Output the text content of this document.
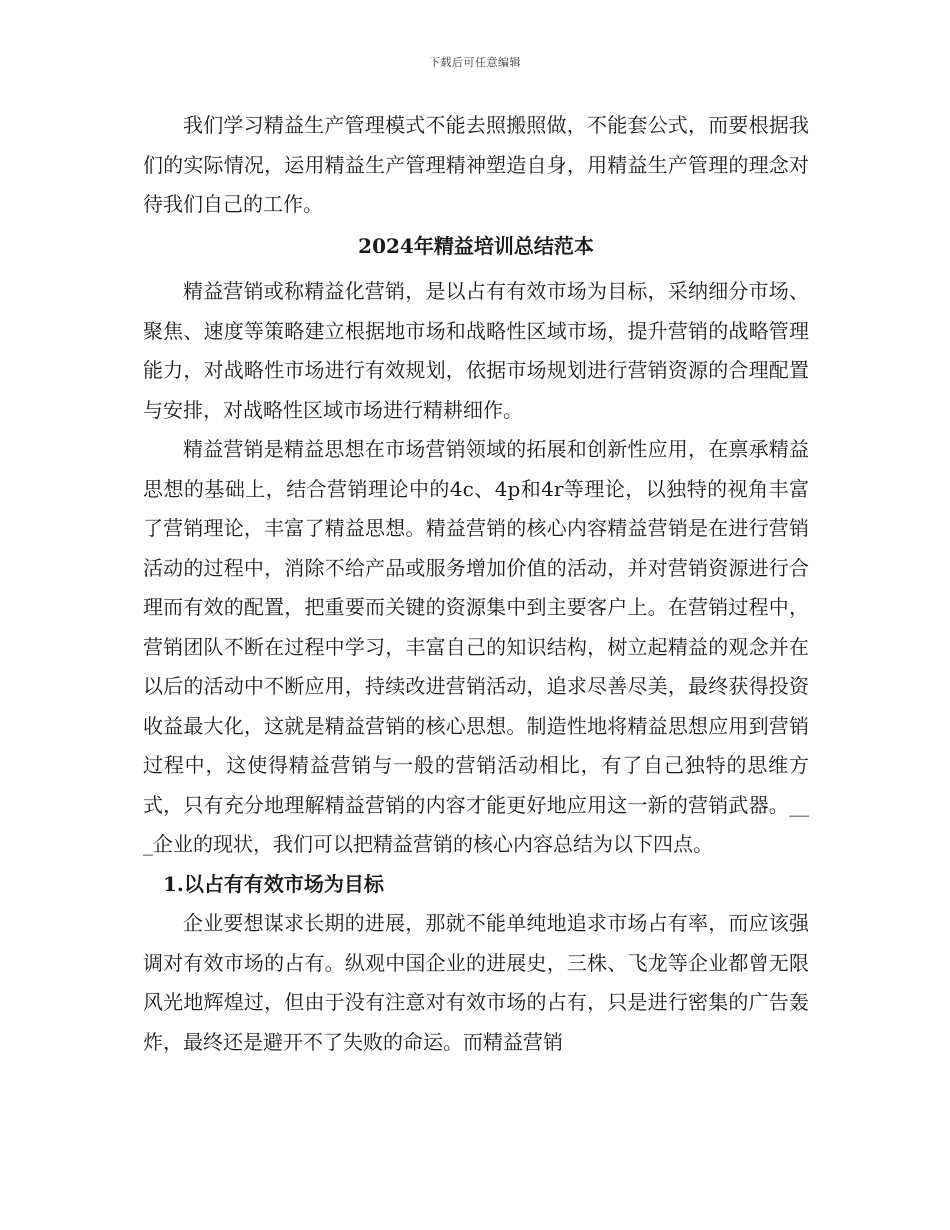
下载后可任意编辑

我们学习精益生产管理模式不能去照搬照做，不能套公式，而要根据我们的实际情况，运用精益生产管理精神塑造自身，用精益生产管理的理念对待我们自己的工作。

2024年精益培训总结范本

精益营销或称精益化营销，是以占有有效市场为目标，采纳细分市场、聚焦、速度等策略建立根据地市场和战略性区域市场，提升营销的战略管理能力，对战略性市场进行有效规划，依据市场规划进行营销资源的合理配置与安排，对战略性区域市场进行精耕细作。

精益营销是精益思想在市场营销领域的拓展和创新性应用，在禀承精益思想的基础上，结合营销理论中的4c、4p和4r等理论，以独特的视角丰富了营销理论，丰富了精益思想。精益营销的核心内容精益营销是在进行营销活动的过程中，消除不给产品或服务增加价值的活动，并对营销资源进行合理而有效的配置，把重要而关键的资源集中到主要客户上。在营销过程中，营销团队不断在过程中学习，丰富自己的知识结构，树立起精益的观念并在以后的活动中不断应用，持续改进营销活动，追求尽善尽美，最终获得投资收益最大化，这就是精益营销的核心思想。制造性地将精益思想应用到营销过程中，这使得精益营销与一般的营销活动相比，有了自己独特的思维方式，只有充分地理解精益营销的内容才能更好地应用这一新的营销武器。___企业的现状，我们可以把精益营销的核心内容总结为以下四点。

1.以占有有效市场为目标

企业要想谋求长期的进展，那就不能单纯地追求市场占有率，而应该强调对有效市场的占有。纵观中国企业的进展史，三株、飞龙等企业都曾无限风光地辉煌过，但由于没有注意对有效市场的占有，只是进行密集的广告轰炸，最终还是避开不了失败的命运。而精益营销
